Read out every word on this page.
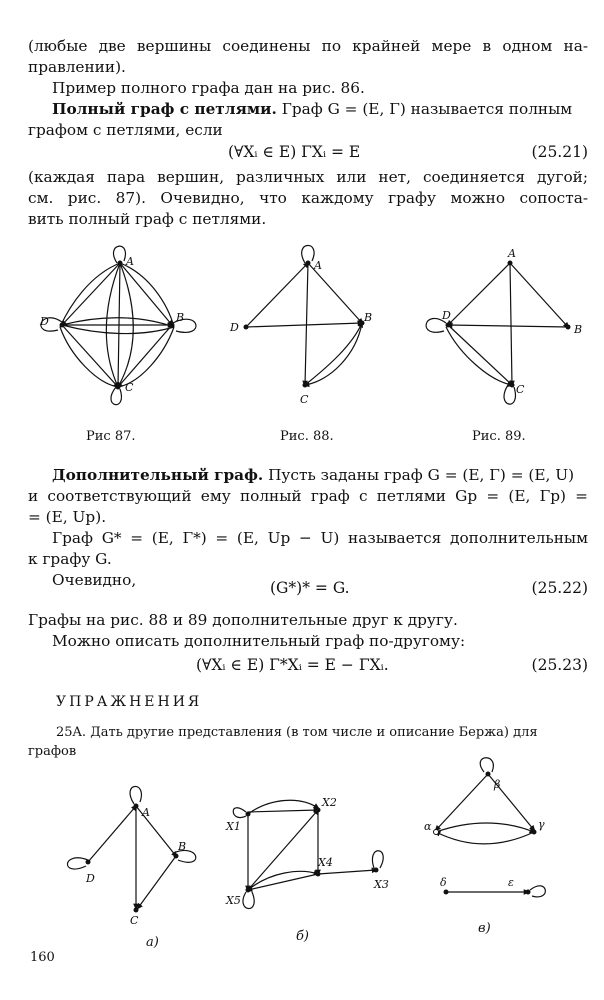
(любые две вершины соединены по крайней мере в одном на-
правлении).
Пример полного графа дан на рис. 86.
Полный граф с петлями. Граф G = (E, Γ) называется полным
графом с петлями, если
(∀Xᵢ ∈ E) ΓXᵢ = E	(25.21)
(каждая пара вершин, различных или нет, соединяется дугой;
см. рис. 87). Очевидно, что каждому графу можно сопоста-
вить полный граф с петлями.
A
D	B
C
A
D
B
C
A
D
B
C
Рис 87.	Рис. 88.	Рис. 89.
Дополнительный граф. Пусть заданы граф G = (E, Γ) = (E, U)
и соответствующий ему полный граф с петлями Gp = (E, Γp) =
= (E, Up).
Граф G* = (E, Γ*) = (E, Up − U) называется дополнительным
к графу G.
Очевидно,	(G*)* = G.	(25.22)
Графы на рис. 88 и 89 дополнительные друг к другу.
Можно описать дополнительный граф по-другому:
(∀Xᵢ ∈ E) Γ*Xᵢ = E − ΓXᵢ.	(25.23)
УПРАЖНЕНИЯ
25A. Дать другие представления (в том числе и описание Бержа) для
графов
A
D
B
C
а)
X1
X2
X3
X4
X5
б)
β
α	γ
δ	ε
в)
160
